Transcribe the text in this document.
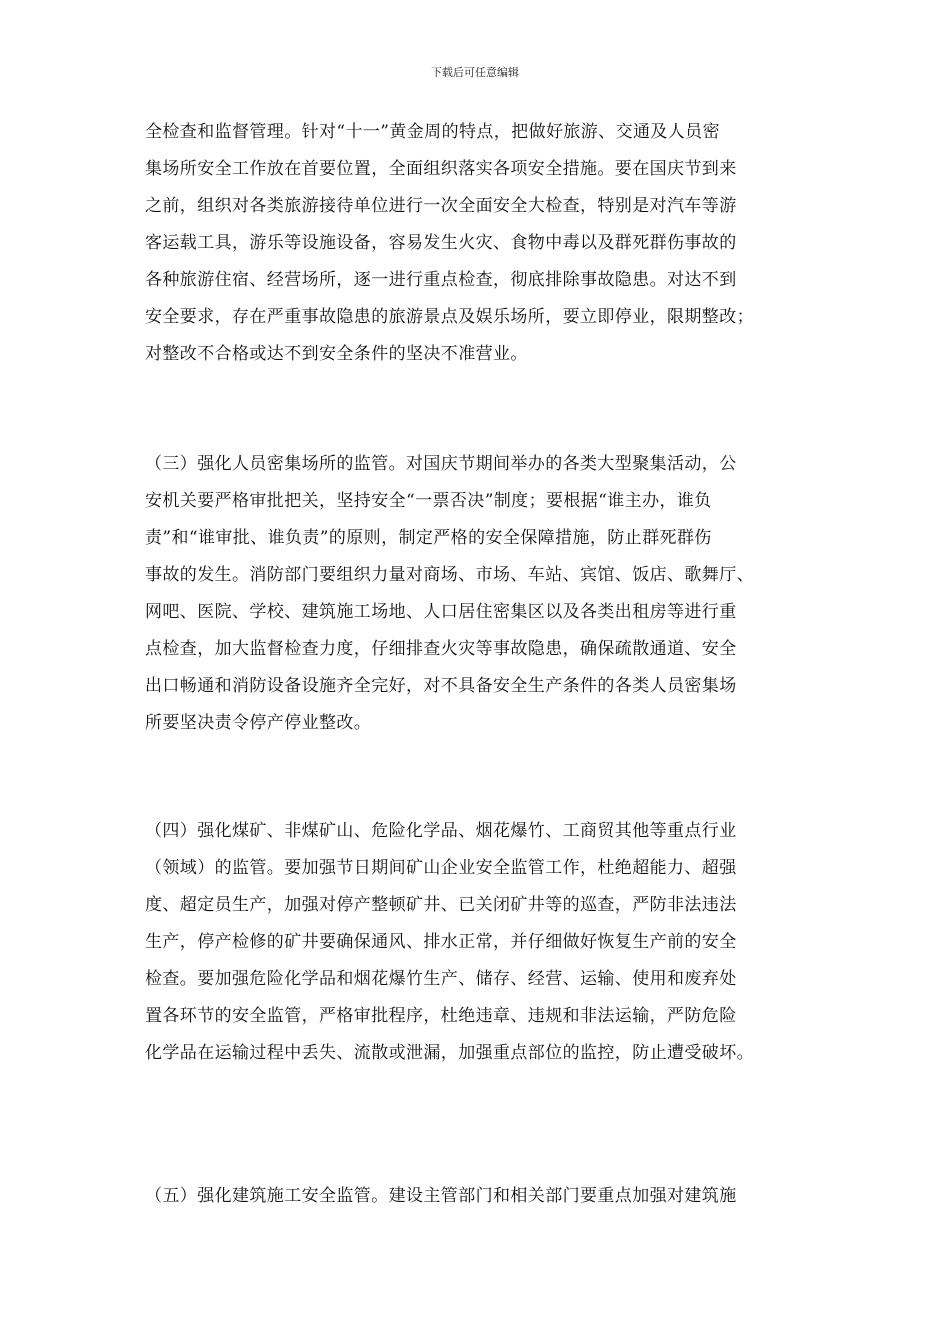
下载后可任意编辑
全检查和监督管理。针对“十一”黄金周的特点，把做好旅游、交通及人员密
集场所安全工作放在首要位置，全面组织落实各项安全措施。要在国庆节到来
之前，组织对各类旅游接待单位进行一次全面安全大检查，特别是对汽车等游
客运载工具，游乐等设施设备，容易发生火灾、食物中毒以及群死群伤事故的
各种旅游住宿、经营场所，逐一进行重点检查，彻底排除事故隐患。对达不到
安全要求，存在严重事故隐患的旅游景点及娱乐场所，要立即停业，限期整改；
对整改不合格或达不到安全条件的坚决不准营业。
（三）强化人员密集场所的监管。对国庆节期间举办的各类大型聚集活动，公
安机关要严格审批把关，坚持安全“一票否决”制度；要根据“谁主办，谁负
责”和“谁审批、谁负责”的原则，制定严格的安全保障措施，防止群死群伤
事故的发生。消防部门要组织力量对商场、市场、车站、宾馆、饭店、歌舞厅、
网吧、医院、学校、建筑施工场地、人口居住密集区以及各类出租房等进行重
点检查，加大监督检查力度，仔细排查火灾等事故隐患，确保疏散通道、安全
出口畅通和消防设备设施齐全完好，对不具备安全生产条件的各类人员密集场
所要坚决责令停产停业整改。
（四）强化煤矿、非煤矿山、危险化学品、烟花爆竹、工商贸其他等重点行业
（领域）的监管。要加强节日期间矿山企业安全监管工作，杜绝超能力、超强
度、超定员生产，加强对停产整顿矿井、已关闭矿井等的巡查，严防非法违法
生产，停产检修的矿井要确保通风、排水正常，并仔细做好恢复生产前的安全
检查。要加强危险化学品和烟花爆竹生产、储存、经营、运输、使用和废弃处
置各环节的安全监管，严格审批程序，杜绝违章、违规和非法运输，严防危险
化学品在运输过程中丢失、流散或泄漏，加强重点部位的监控，防止遭受破坏。
（五）强化建筑施工安全监管。建设主管部门和相关部门要重点加强对建筑施
